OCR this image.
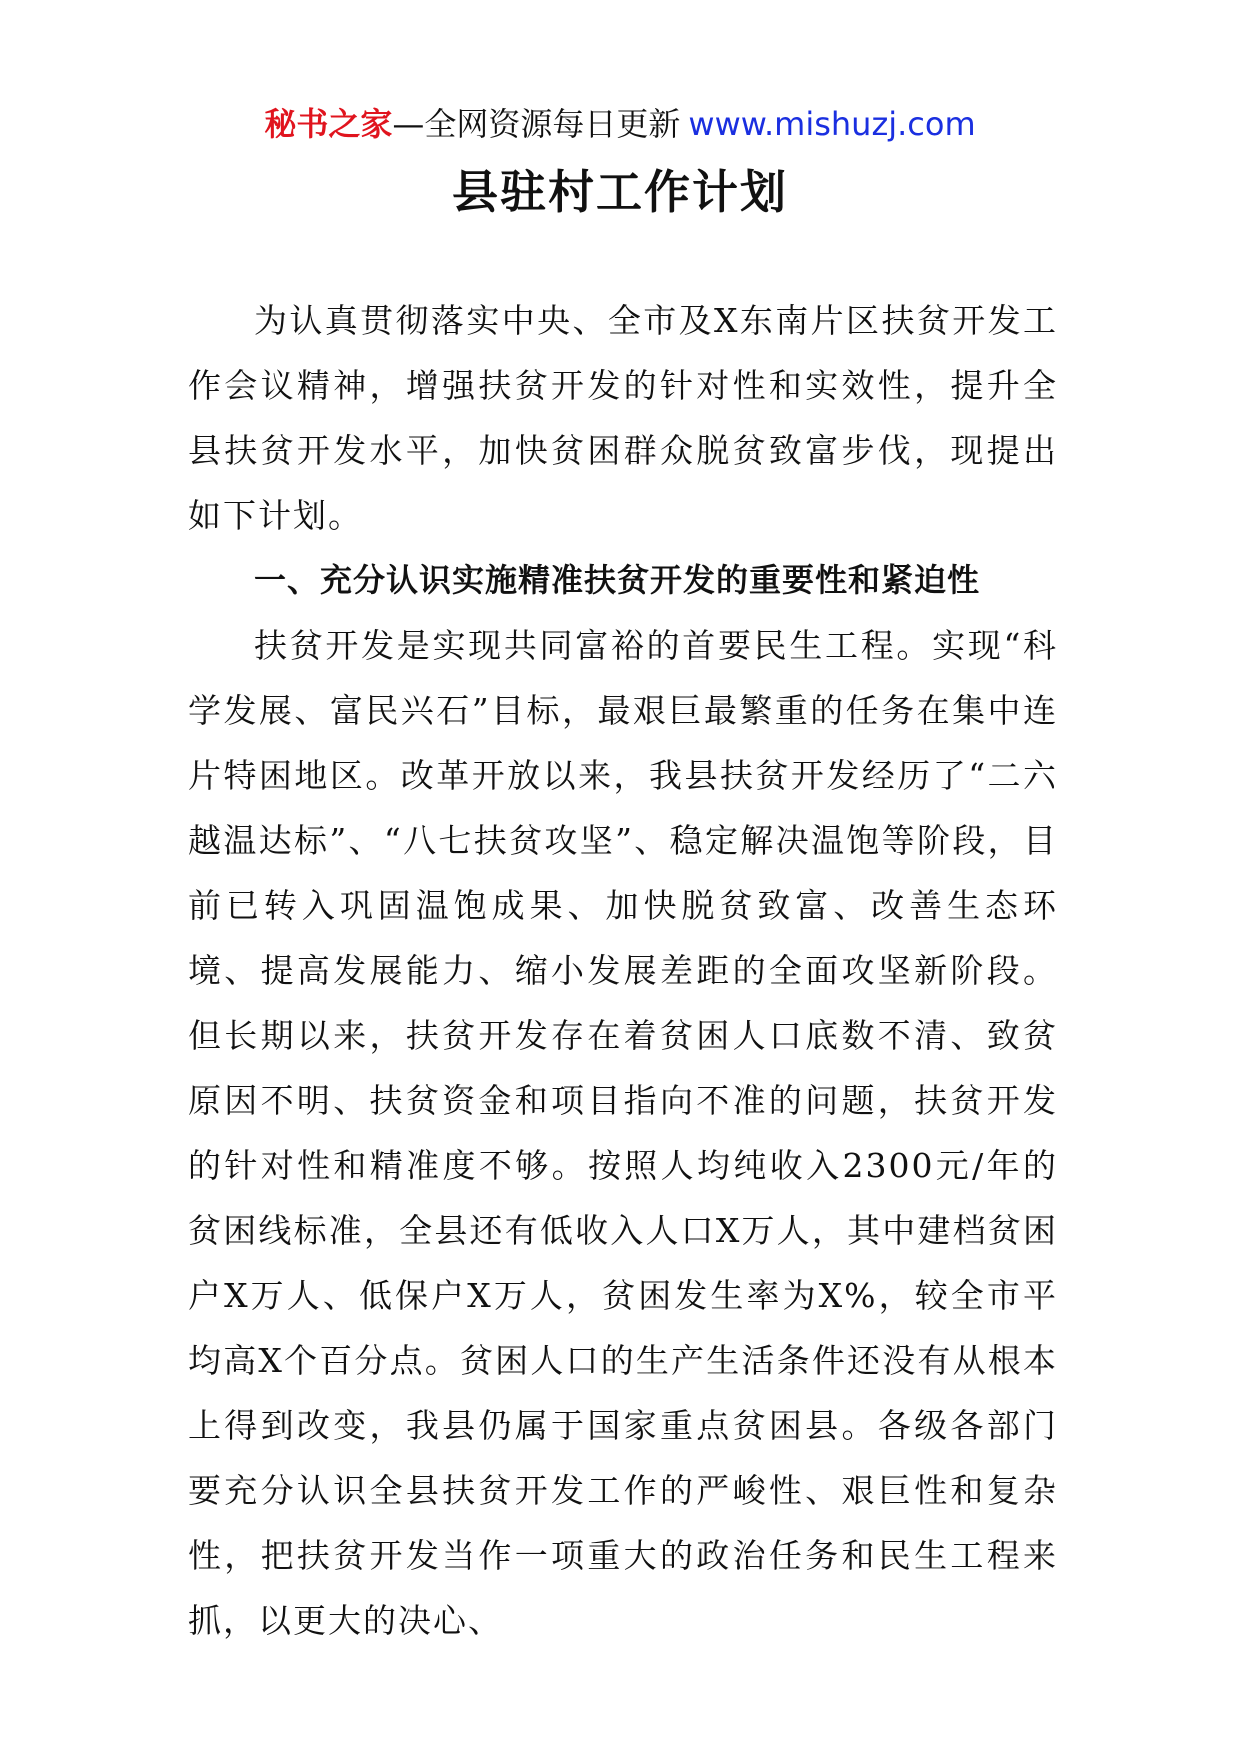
秘书之家—全网资源每日更新 www.mishuzj.com
县驻村工作计划

为认真贯彻落实中央、全市及X东南片区扶贫开发工作会议精神，增强扶贫开发的针对性和实效性，提升全县扶贫开发水平，加快贫困群众脱贫致富步伐，现提出如下计划。

一、充分认识实施精准扶贫开发的重要性和紧迫性

扶贫开发是实现共同富裕的首要民生工程。实现“科学发展、富民兴石”目标，最艰巨最繁重的任务在集中连片特困地区。改革开放以来，我县扶贫开发经历了“二六越温达标”、“八七扶贫攻坚”、稳定解决温饱等阶段，目前已转入巩固温饱成果、加快脱贫致富、改善生态环境、提高发展能力、缩小发展差距的全面攻坚新阶段。但长期以来，扶贫开发存在着贫困人口底数不清、致贫原因不明、扶贫资金和项目指向不准的问题，扶贫开发的针对性和精准度不够。按照人均纯收入2300元/年的贫困线标准，全县还有低收入人口X万人，其中建档贫困户X万人、低保户X万人，贫困发生率为X%，较全市平均高X个百分点。贫困人口的生产生活条件还没有从根本上得到改变，我县仍属于国家重点贫困县。各级各部门要充分认识全县扶贫开发工作的严峻性、艰巨性和复杂性，把扶贫开发当作一项重大的政治任务和民生工程来抓，以更大的决心、
